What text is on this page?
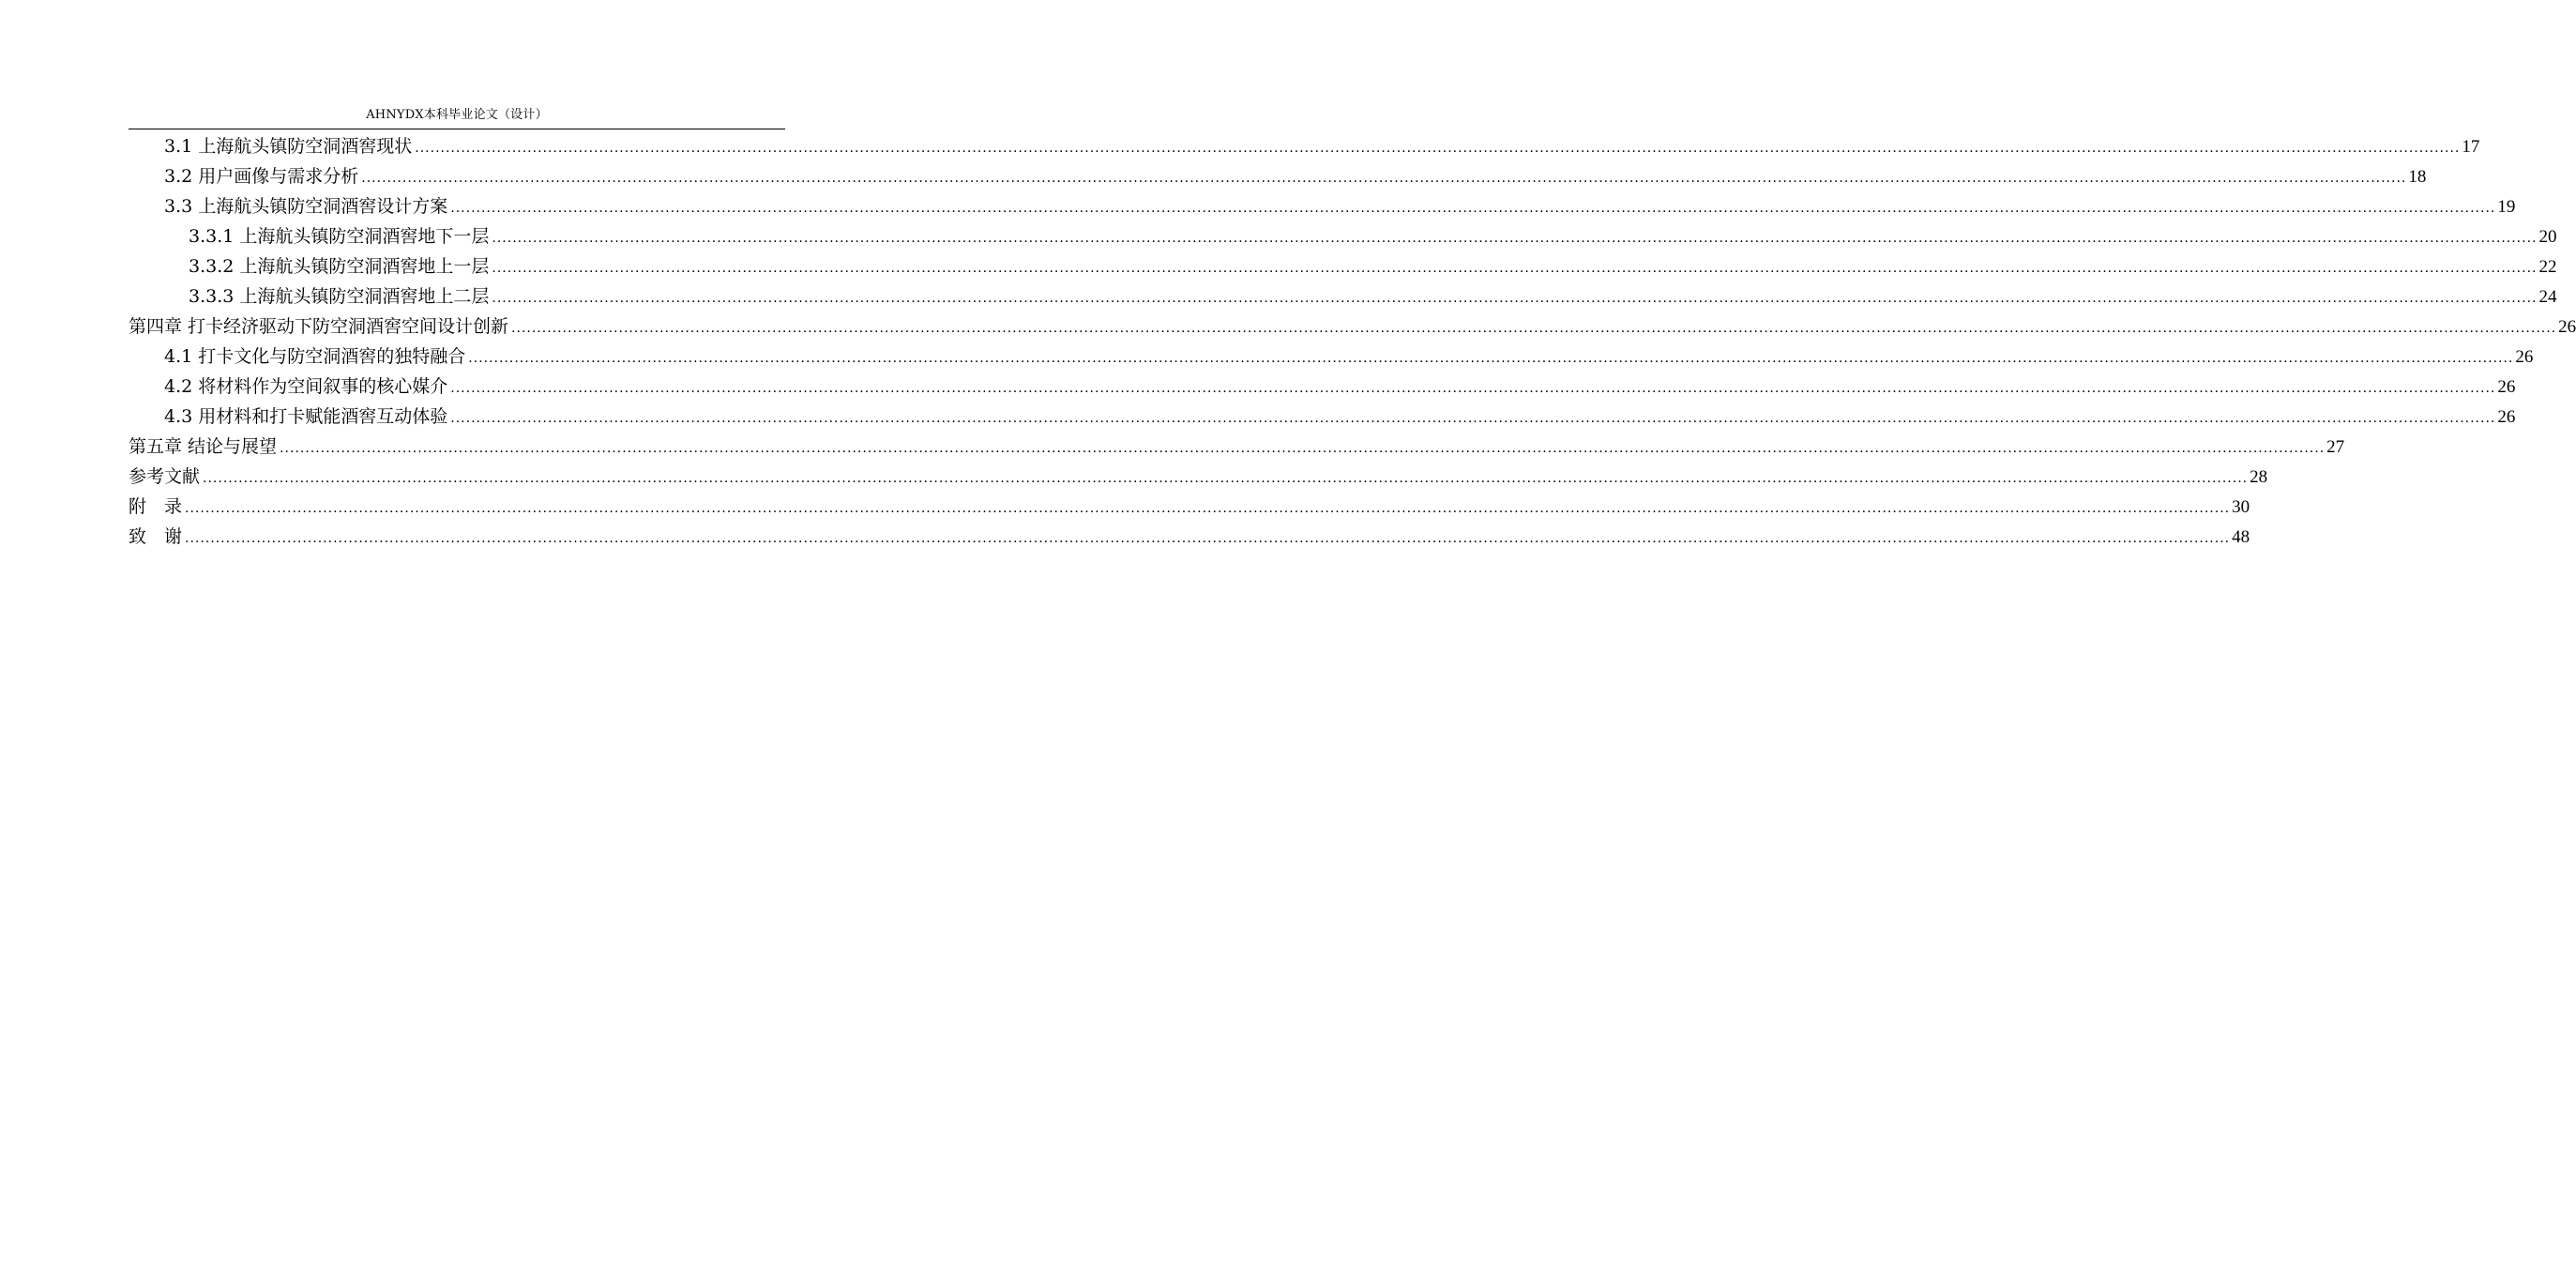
AHNYDX本科毕业论文（设计）
3.1 上海航头镇防空洞酒窖现状 ................................................................................................................................................................................................................................................................................................................................................................................................................ 17
3.2 用户画像与需求分析 ................................................................................................................................................................................................................................................................................................................................................................................................................ 18
3.3 上海航头镇防空洞酒窖设计方案 ................................................................................................................................................................................................................................................................................................................................................................................................................ 19
3.3.1 上海航头镇防空洞酒窖地下一层 ................................................................................................................................................................................................................................................................................................................................................................................................................ 20
3.3.2 上海航头镇防空洞酒窖地上一层 ................................................................................................................................................................................................................................................................................................................................................................................................................ 22
3.3.3 上海航头镇防空洞酒窖地上二层 ................................................................................................................................................................................................................................................................................................................................................................................................................ 24
第四章 打卡经济驱动下防空洞酒窖空间设计创新 ................................................................................................................................................................................................................................................................................................................................................................................................................ 26
4.1 打卡文化与防空洞酒窖的独特融合 ................................................................................................................................................................................................................................................................................................................................................................................................................ 26
4.2 将材料作为空间叙事的核心媒介 ................................................................................................................................................................................................................................................................................................................................................................................................................ 26
4.3 用材料和打卡赋能酒窖互动体验 ................................................................................................................................................................................................................................................................................................................................................................................................................ 26
第五章 结论与展望 ................................................................................................................................................................................................................................................................................................................................................................................................................ 27
参考文献 ................................................................................................................................................................................................................................................................................................................................................................................................................ 28
附　录 ................................................................................................................................................................................................................................................................................................................................................................................................................ 30
致　谢 ................................................................................................................................................................................................................................................................................................................................................................................................................ 48
